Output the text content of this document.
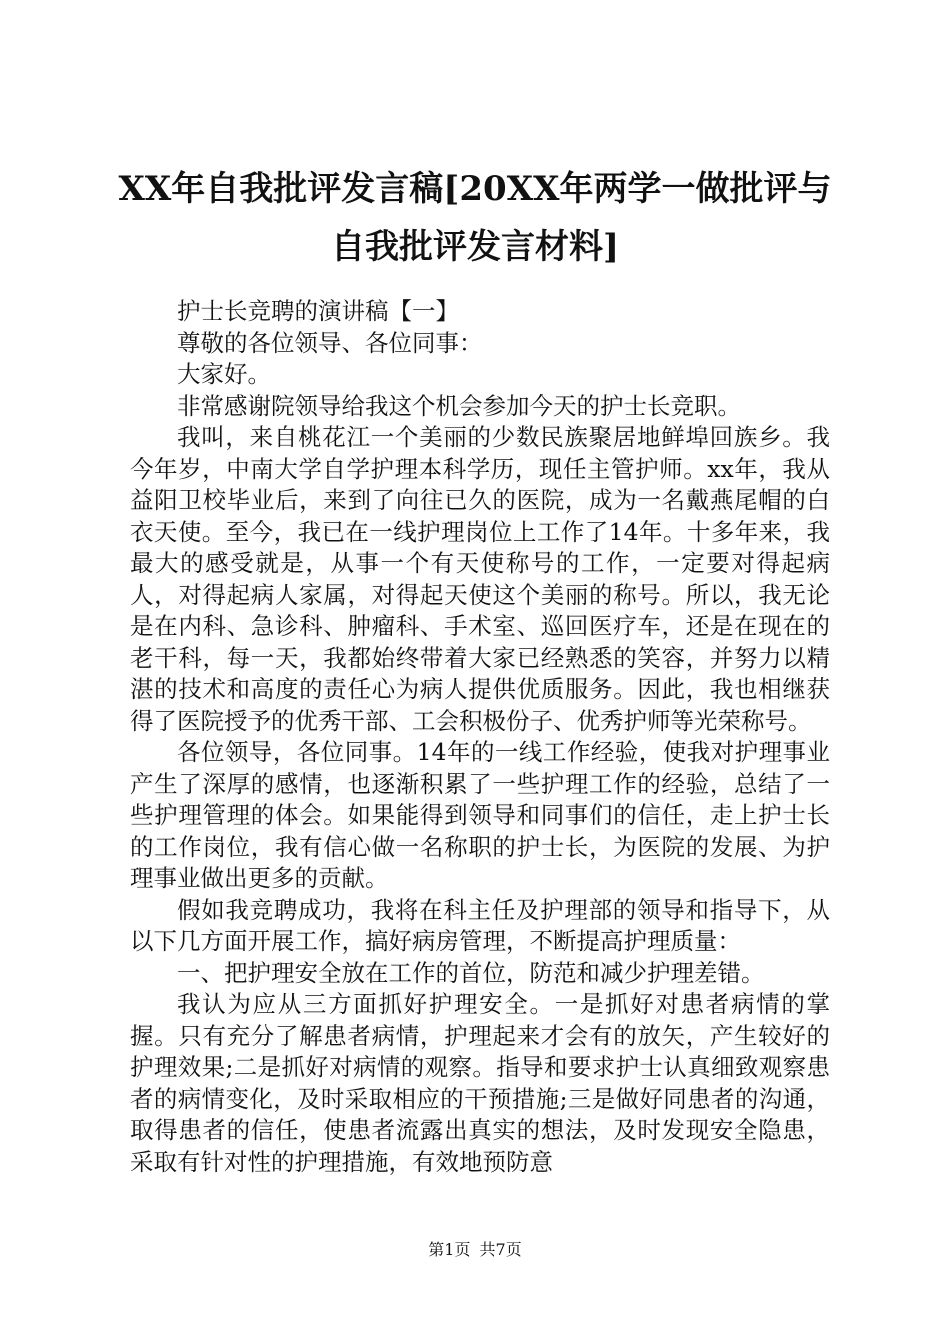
XX年自我批评发言稿[20XX年两学一做批评与
自我批评发言材料]

护士长竞聘的演讲稿【一】

尊敬的各位领导、各位同事：

大家好。

非常感谢院领导给我这个机会参加今天的护士长竞职。

我叫，来自桃花江一个美丽的少数民族聚居地鲜埠回族乡。我今年岁，中南大学自学护理本科学历，现任主管护师。xx年，我从益阳卫校毕业后，来到了向往已久的医院，成为一名戴燕尾帽的白衣天使。至今，我已在一线护理岗位上工作了14年。十多年来，我最大的感受就是，从事一个有天使称号的工作，一定要对得起病人，对得起病人家属，对得起天使这个美丽的称号。所以，我无论是在内科、急诊科、肿瘤科、手术室、巡回医疗车，还是在现在的老干科，每一天，我都始终带着大家已经熟悉的笑容，并努力以精湛的技术和高度的责任心为病人提供优质服务。因此，我也相继获得了医院授予的优秀干部、工会积极份子、优秀护师等光荣称号。

各位领导，各位同事。14年的一线工作经验，使我对护理事业产生了深厚的感情，也逐渐积累了一些护理工作的经验，总结了一些护理管理的体会。如果能得到领导和同事们的信任，走上护士长的工作岗位，我有信心做一名称职的护士长，为医院的发展、为护理事业做出更多的贡献。

假如我竞聘成功，我将在科主任及护理部的领导和指导下，从以下几方面开展工作，搞好病房管理，不断提高护理质量：

一、把护理安全放在工作的首位，防范和减少护理差错。

我认为应从三方面抓好护理安全。一是抓好对患者病情的掌握。只有充分了解患者病情，护理起来才会有的放矢，产生较好的护理效果;二是抓好对病情的观察。指导和要求护士认真细致观察患者的病情变化，及时采取相应的干预措施;三是做好同患者的沟通，取得患者的信任，使患者流露出真实的想法，及时发现安全隐患，采取有针对性的护理措施，有效地预防意

第1页 共7页
